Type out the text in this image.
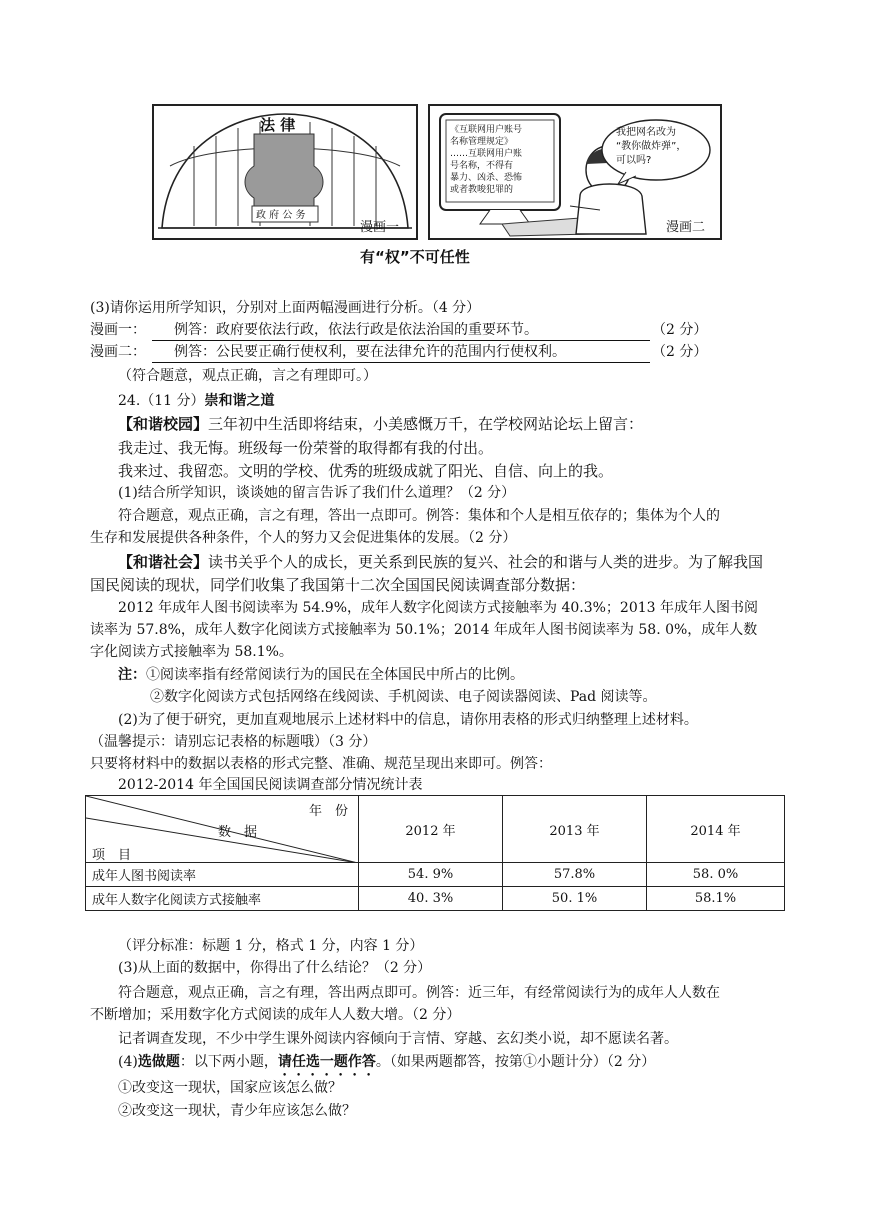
法 律
政 府 公 务
漫画一
《互联网用户账号
名称管理规定》
……互联网用户账
号名称，不得有
暴力、凶杀、恐怖
或者教唆犯罪的
我把网名改为
“教你做炸弹”，
可以吗?
漫画二
有“权”不可任性
(3)请你运用所学知识，分别对上面两幅漫画进行分析。（4 分）
漫画一： 例答：政府要依法行政，依法行政是依法治国的重要环节。	（2 分）
漫画二： 例答：公民要正确行使权利，要在法律允许的范围内行使权利。	（2 分）
（符合题意，观点正确，言之有理即可。）
24.（11 分）崇和谐之道
【和谐校园】三年初中生活即将结束，小美感慨万千，在学校网站论坛上留言：
我走过、我无悔。班级每一份荣誉的取得都有我的付出。
我来过、我留恋。文明的学校、优秀的班级成就了阳光、自信、向上的我。
(1)结合所学知识，谈谈她的留言告诉了我们什么道理？（2 分）
符合题意，观点正确，言之有理，答出一点即可。例答：集体和个人是相互依存的；集体为个人的
生存和发展提供各种条件，个人的努力又会促进集体的发展。（2 分）
【和谐社会】读书关乎个人的成长，更关系到民族的复兴、社会的和谐与人类的进步。为了解我国
国民阅读的现状，同学们收集了我国第十二次全国国民阅读调查部分数据：
2012 年成年人图书阅读率为 54.9%，成年人数字化阅读方式接触率为 40.3%；2013 年成年人图书阅
读率为 57.8%，成年人数字化阅读方式接触率为 50.1%；2014 年成年人图书阅读率为 58. 0%，成年人数
字化阅读方式接触率为 58.1%。
注：①阅读率指有经常阅读行为的国民在全体国民中所占的比例。
②数字化阅读方式包括网络在线阅读、手机阅读、电子阅读器阅读、Pad 阅读等。
(2)为了便于研究，更加直观地展示上述材料中的信息，请你用表格的形式归纳整理上述材料。
（温馨提示：请别忘记表格的标题哦）（3 分）
只要将材料中的数据以表格的形式完整、准确、规范呈现出来即可。例答：
2012-2014 年全国国民阅读调查部分情况统计表
年　份
数　据
项　目	2012 年	2013 年	2014 年
成年人图书阅读率	54. 9%	57.8%	58. 0%
成年人数字化阅读方式接触率	40. 3%	50. 1%	58.1%
（评分标准：标题 1 分，格式 1 分，内容 1 分）
(3)从上面的数据中，你得出了什么结论？（2 分）
符合题意，观点正确，言之有理，答出两点即可。例答：近三年，有经常阅读行为的成年人人数在
不断增加；采用数字化方式阅读的成年人人数大增。（2 分）
记者调查发现，不少中学生课外阅读内容倾向于言情、穿越、玄幻类小说，却不愿读名著。
(4)选做题：以下两小题，请任选一题作答。（如果两题都答，按第①小题计分）（2 分）
①改变这一现状，国家应该怎么做？
②改变这一现状，青少年应该怎么做？
